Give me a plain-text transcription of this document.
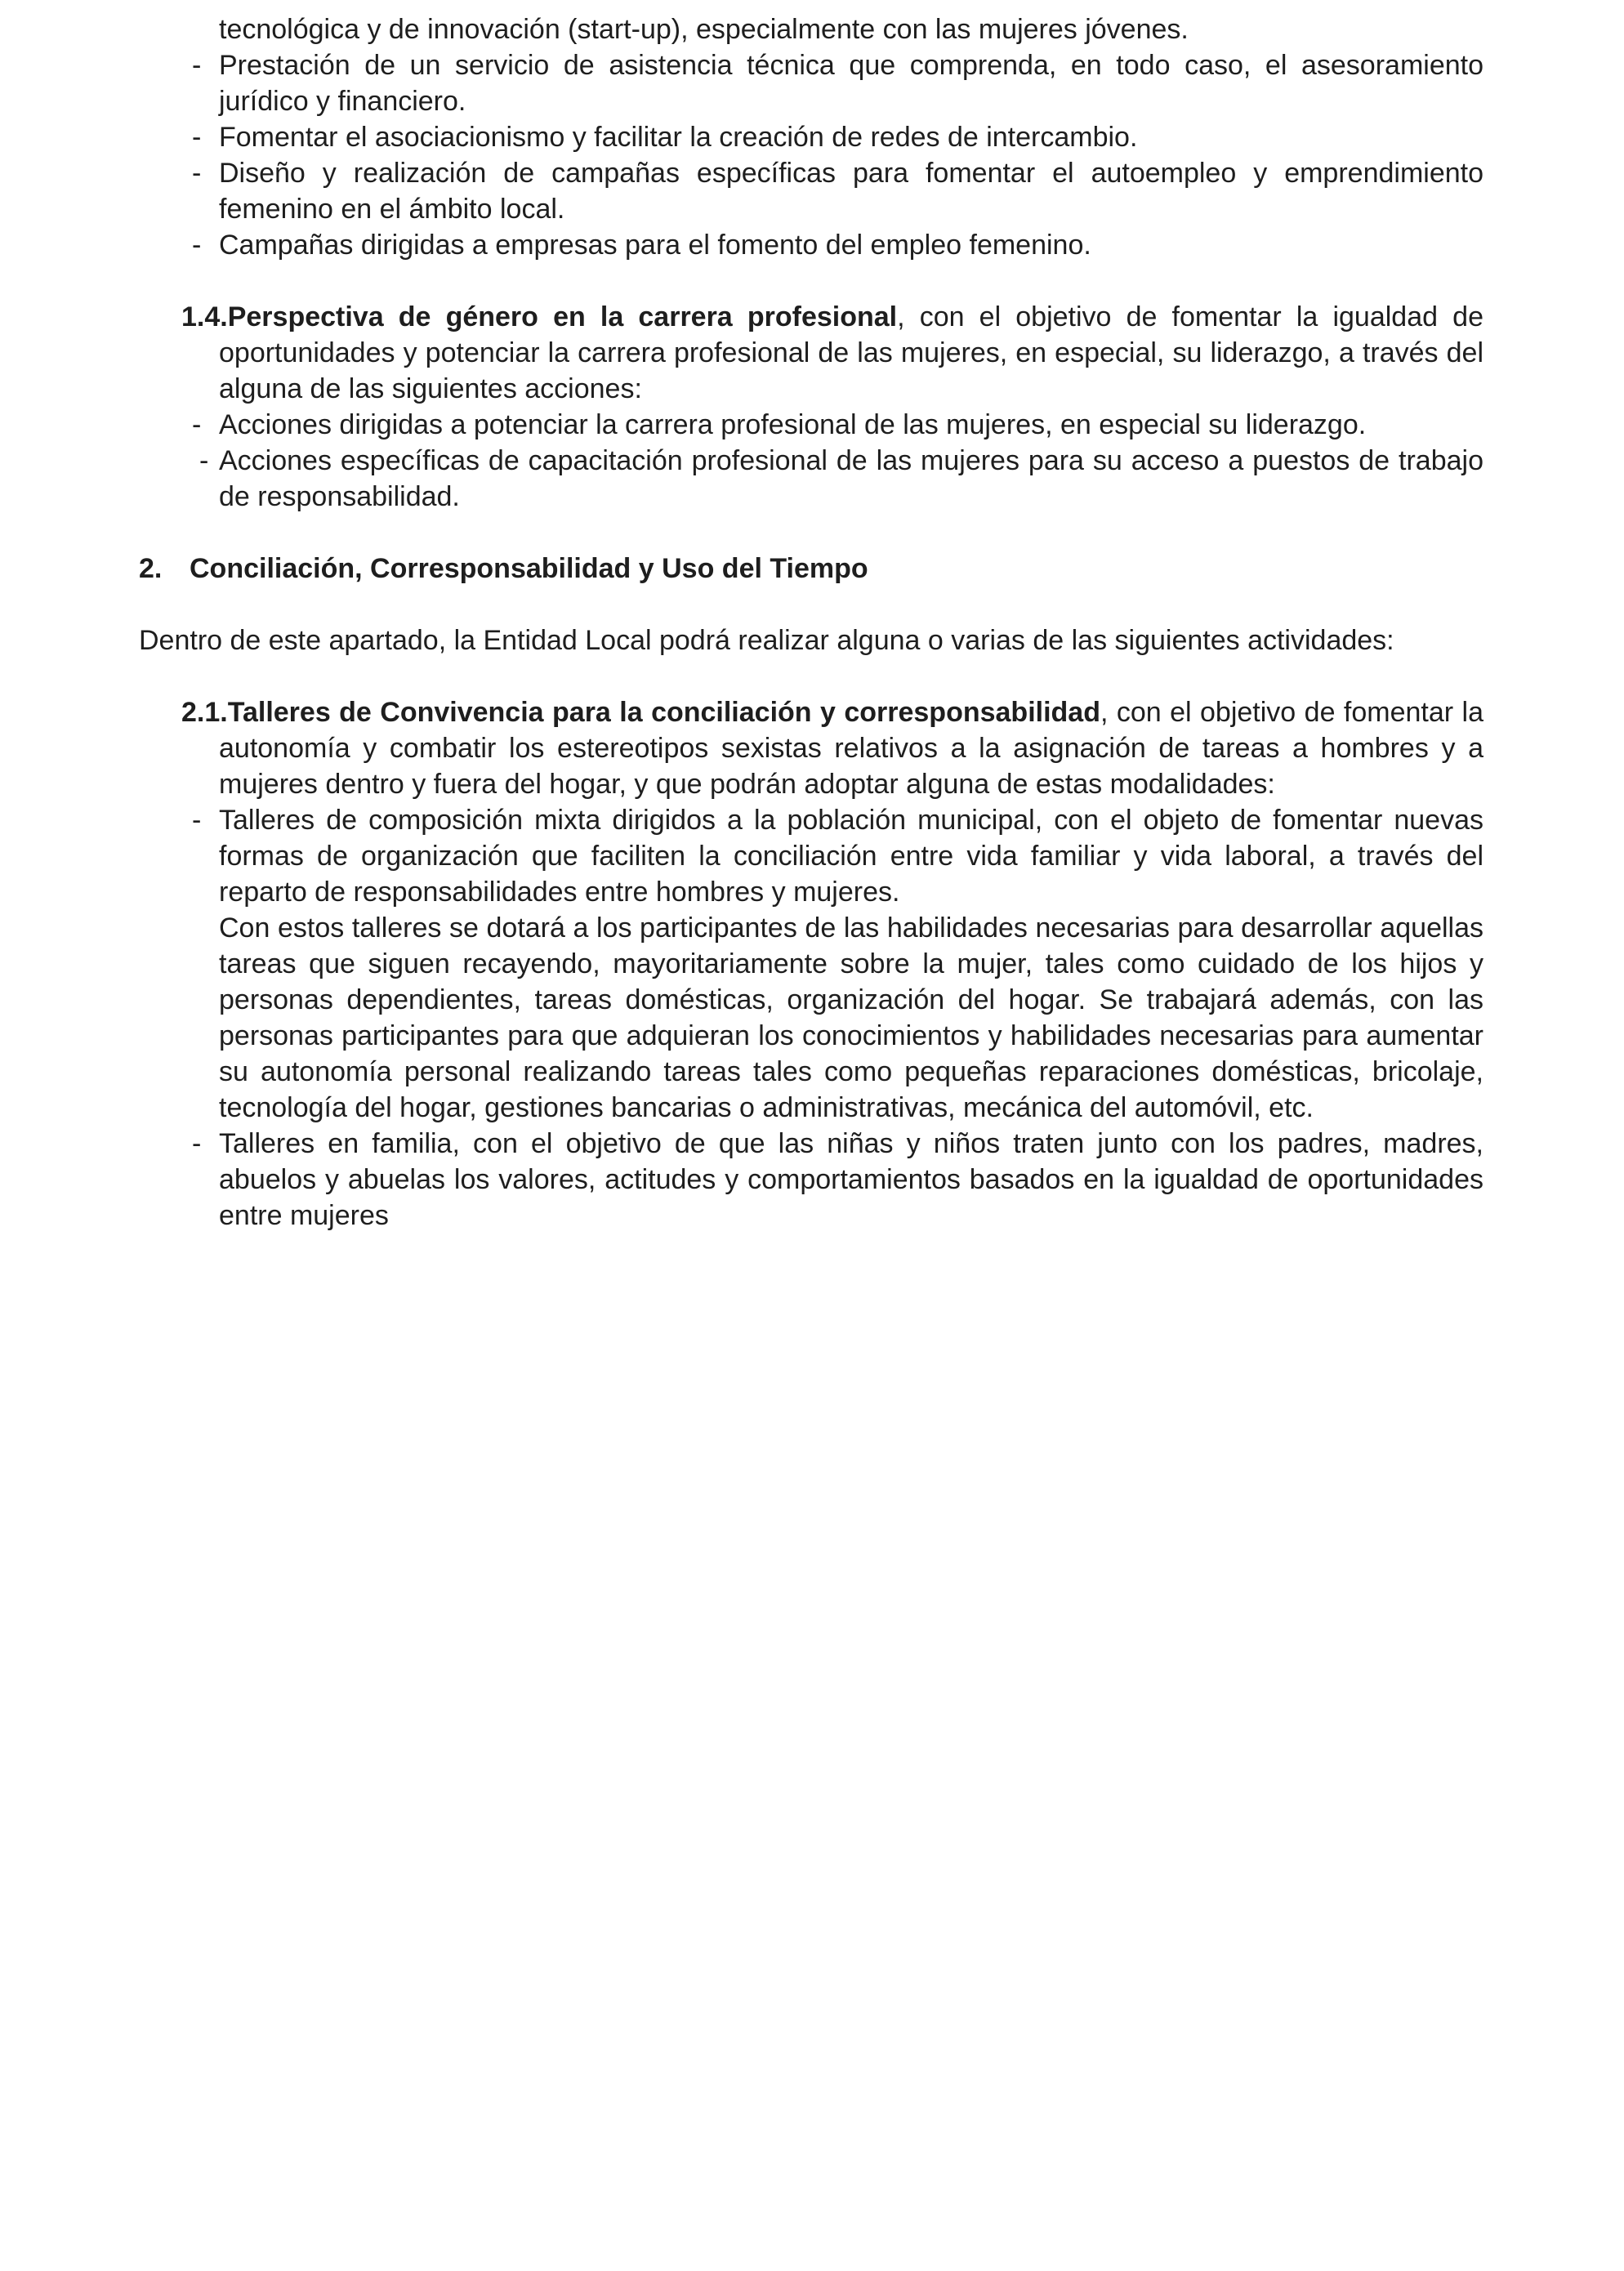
tecnológica y de innovación (start-up), especialmente con las mujeres jóvenes.
- Prestación de un servicio de asistencia técnica que comprenda, en todo caso, el asesoramiento jurídico y financiero.
- Fomentar el asociacionismo y facilitar la creación de redes de intercambio.
- Diseño y realización de campañas específicas para fomentar el autoempleo y emprendimiento femenino en el ámbito local.
- Campañas dirigidas a empresas para el fomento del empleo femenino.
1.4.Perspectiva de género en la carrera profesional, con el objetivo de fomentar la igualdad de oportunidades y potenciar la carrera profesional de las mujeres, en especial, su liderazgo, a través del alguna de las siguientes acciones:
- Acciones dirigidas a potenciar la carrera profesional de las mujeres, en especial su liderazgo.
- Acciones específicas de capacitación profesional de las mujeres para su acceso a puestos de trabajo de responsabilidad.
2. Conciliación, Corresponsabilidad y Uso del Tiempo
Dentro de este apartado, la Entidad Local podrá realizar alguna o varias de las siguientes actividades:
2.1.Talleres de Convivencia para la conciliación y corresponsabilidad, con el objetivo de fomentar la autonomía y combatir los estereotipos sexistas relativos a la asignación de tareas a hombres y a mujeres dentro y fuera del hogar, y que podrán adoptar alguna de estas modalidades:
- Talleres de composición mixta dirigidos a la población municipal, con el objeto de fomentar nuevas formas de organización que faciliten la conciliación entre vida familiar y vida laboral, a través del reparto de responsabilidades entre hombres y mujeres.
Con estos talleres se dotará a los participantes de las habilidades necesarias para desarrollar aquellas tareas que siguen recayendo, mayoritariamente sobre la mujer, tales como cuidado de los hijos y personas dependientes, tareas domésticas, organización del hogar. Se trabajará además, con las personas participantes para que adquieran los conocimientos y habilidades necesarias para aumentar su autonomía personal realizando tareas tales como pequeñas reparaciones domésticas, bricolaje, tecnología del hogar, gestiones bancarias o administrativas, mecánica del automóvil, etc.
- Talleres en familia, con el objetivo de que las niñas y niños traten junto con los padres, madres, abuelos y abuelas los valores, actitudes y comportamientos basados en la igualdad de oportunidades entre mujeres
